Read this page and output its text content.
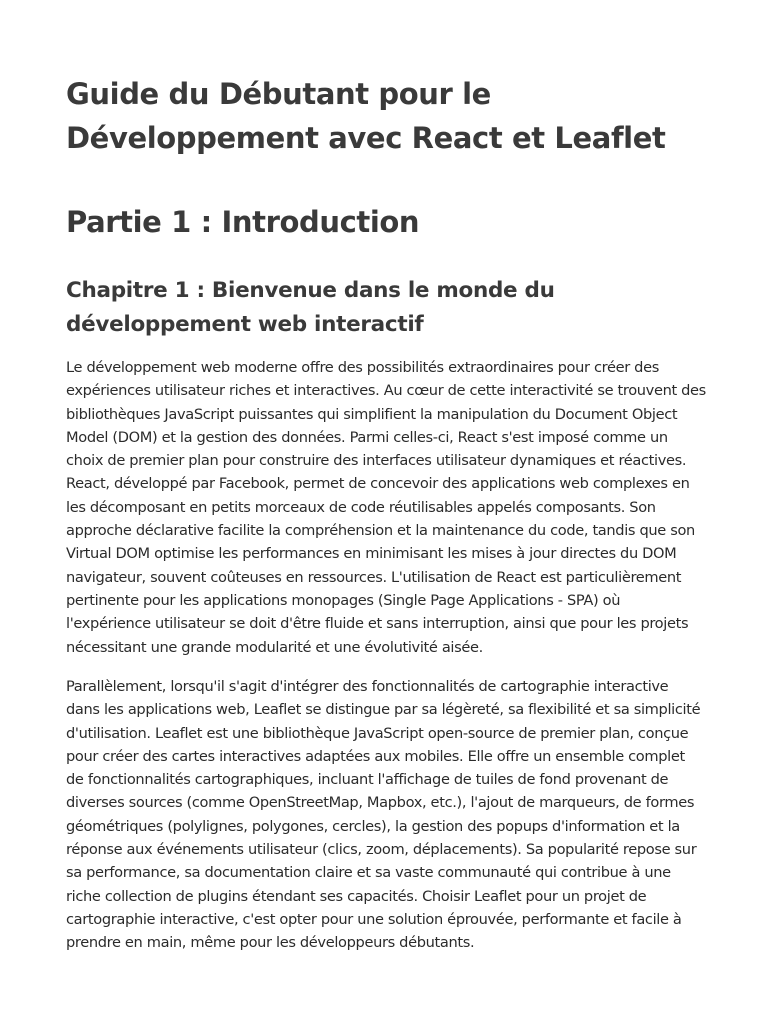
Guide du Débutant pour le Développement avec React et Leaflet
Partie 1 : Introduction
Chapitre 1 : Bienvenue dans le monde du développement web interactif

Le développement web moderne offre des possibilités extraordinaires pour créer des expériences utilisateur riches et interactives. Au cœur de cette interactivité se trouvent des bibliothèques JavaScript puissantes qui simplifient la manipulation du Document Object Model (DOM) et la gestion des données. Parmi celles-ci, React s'est imposé comme un choix de premier plan pour construire des interfaces utilisateur dynamiques et réactives. React, développé par Facebook, permet de concevoir des applications web complexes en les décomposant en petits morceaux de code réutilisables appelés composants. Son approche déclarative facilite la compréhension et la maintenance du code, tandis que son Virtual DOM optimise les performances en minimisant les mises à jour directes du DOM navigateur, souvent coûteuses en ressources. L'utilisation de React est particulièrement pertinente pour les applications monopages (Single Page Applications - SPA) où l'expérience utilisateur se doit d'être fluide et sans interruption, ainsi que pour les projets nécessitant une grande modularité et une évolutivité aisée.

Parallèlement, lorsqu'il s'agit d'intégrer des fonctionnalités de cartographie interactive dans les applications web, Leaflet se distingue par sa légèreté, sa flexibilité et sa simplicité d'utilisation. Leaflet est une bibliothèque JavaScript open-source de premier plan, conçue pour créer des cartes interactives adaptées aux mobiles. Elle offre un ensemble complet de fonctionnalités cartographiques, incluant l'affichage de tuiles de fond provenant de diverses sources (comme OpenStreetMap, Mapbox, etc.), l'ajout de marqueurs, de formes géométriques (polylignes, polygones, cercles), la gestion des popups d'information et la réponse aux événements utilisateur (clics, zoom, déplacements). Sa popularité repose sur sa performance, sa documentation claire et sa vaste communauté qui contribue à une riche collection de plugins étendant ses capacités. Choisir Leaflet pour un projet de cartographie interactive, c'est opter pour une solution éprouvée, performante et facile à prendre en main, même pour les développeurs débutants.
